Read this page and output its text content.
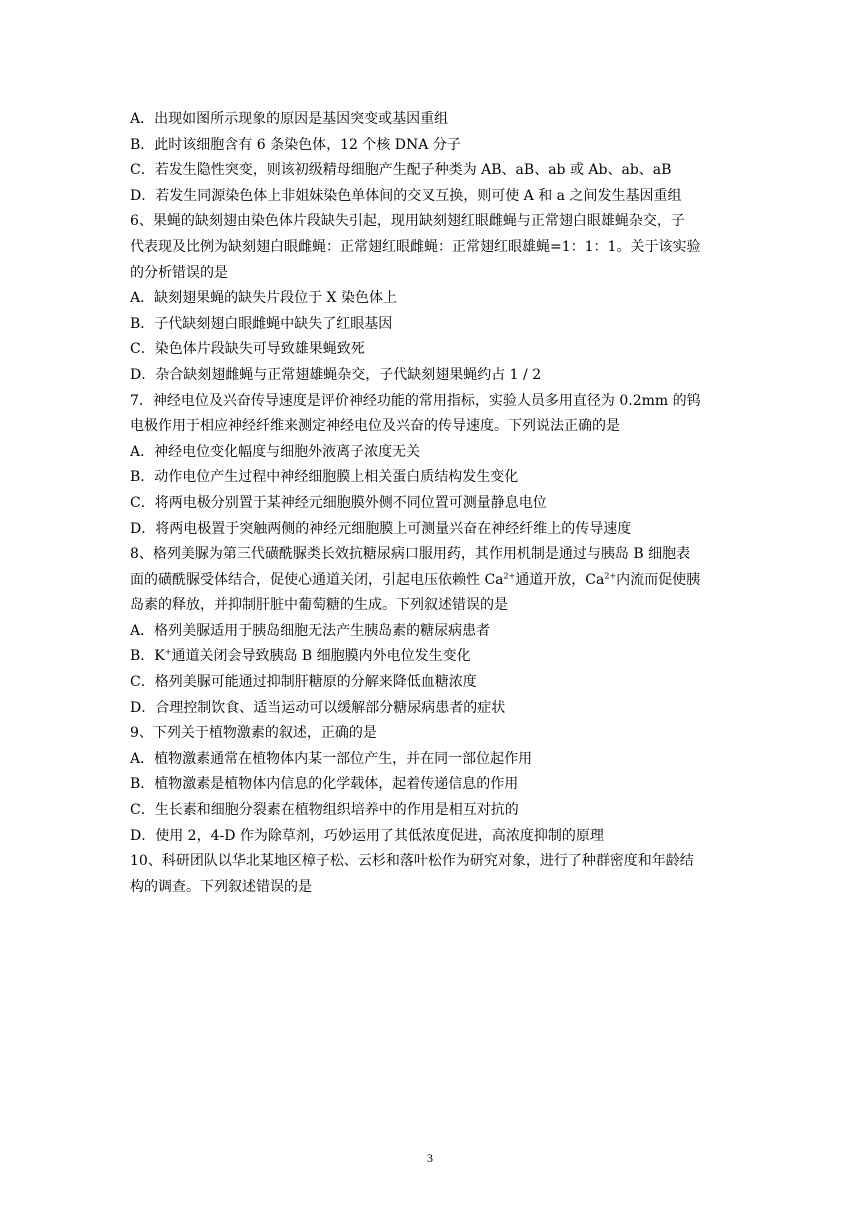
A．出现如图所示现象的原因是基因突变或基因重组
B．此时该细胞含有 6 条染色体，12 个核 DNA 分子
C．若发生隐性突变，则该初级精母细胞产生配子种类为 AB、aB、ab 或 Ab、ab、aB
D．若发生同源染色体上非姐妹染色单体间的交叉互换，则可使 A 和 a 之间发生基因重组
6、果蝇的缺刻翅由染色体片段缺失引起，现用缺刻翅红眼雌蝇与正常翅白眼雄蝇杂交，子
代表现及比例为缺刻翅白眼雌蝇：正常翅红眼雌蝇：正常翅红眼雄蝇=1：1：1。关于该实验
的分析错误的是
A．缺刻翅果蝇的缺失片段位于 X 染色体上
B．子代缺刻翅白眼雌蝇中缺失了红眼基因
C．染色体片段缺失可导致雄果蝇致死
D．杂合缺刻翅雌蝇与正常翅雄蝇杂交，子代缺刻翅果蝇约占 1 / 2
7．神经电位及兴奋传导速度是评价神经功能的常用指标，实验人员多用直径为 0.2mm 的钨
电极作用于相应神经纤维来测定神经电位及兴奋的传导速度。下列说法正确的是
A．神经电位变化幅度与细胞外液离子浓度无关
B．动作电位产生过程中神经细胞膜上相关蛋白质结构发生变化
C．将两电极分别置于某神经元细胞膜外侧不同位置可测量静息电位
D．将两电极置于突触两侧的神经元细胞膜上可测量兴奋在神经纤维上的传导速度
8、格列美脲为第三代磺酰脲类长效抗糖尿病口服用药，其作用机制是通过与胰岛 B 细胞表
面的磺酰脲受体结合，促使心通道关闭，引起电压依赖性 $Ca^{2+}$通道开放，$Ca^{2+}$内流而促使胰
岛素的释放，并抑制肝脏中葡萄糖的生成。下列叙述错误的是
A．格列美脲适用于胰岛细胞无法产生胰岛素的糖尿病患者
B．K+通道关闭会导致胰岛 B 细胞膜内外电位发生变化
C．格列美脲可能通过抑制肝糖原的分解来降低血糖浓度
D．合理控制饮食、适当运动可以缓解部分糖尿病患者的症状
9、下列关于植物激素的叙述，正确的是
A．植物激素通常在植物体内某一部位产生，并在同一部位起作用
B．植物激素是植物体内信息的化学载体，起着传递信息的作用
C．生长素和细胞分裂素在植物组织培养中的作用是相互对抗的
D．使用 2，4-D 作为除草剂，巧妙运用了其低浓度促进，高浓度抑制的原理
10、科研团队以华北某地区樟子松、云杉和落叶松作为研究对象，进行了种群密度和年龄结
构的调查。下列叙述错误的是
3
